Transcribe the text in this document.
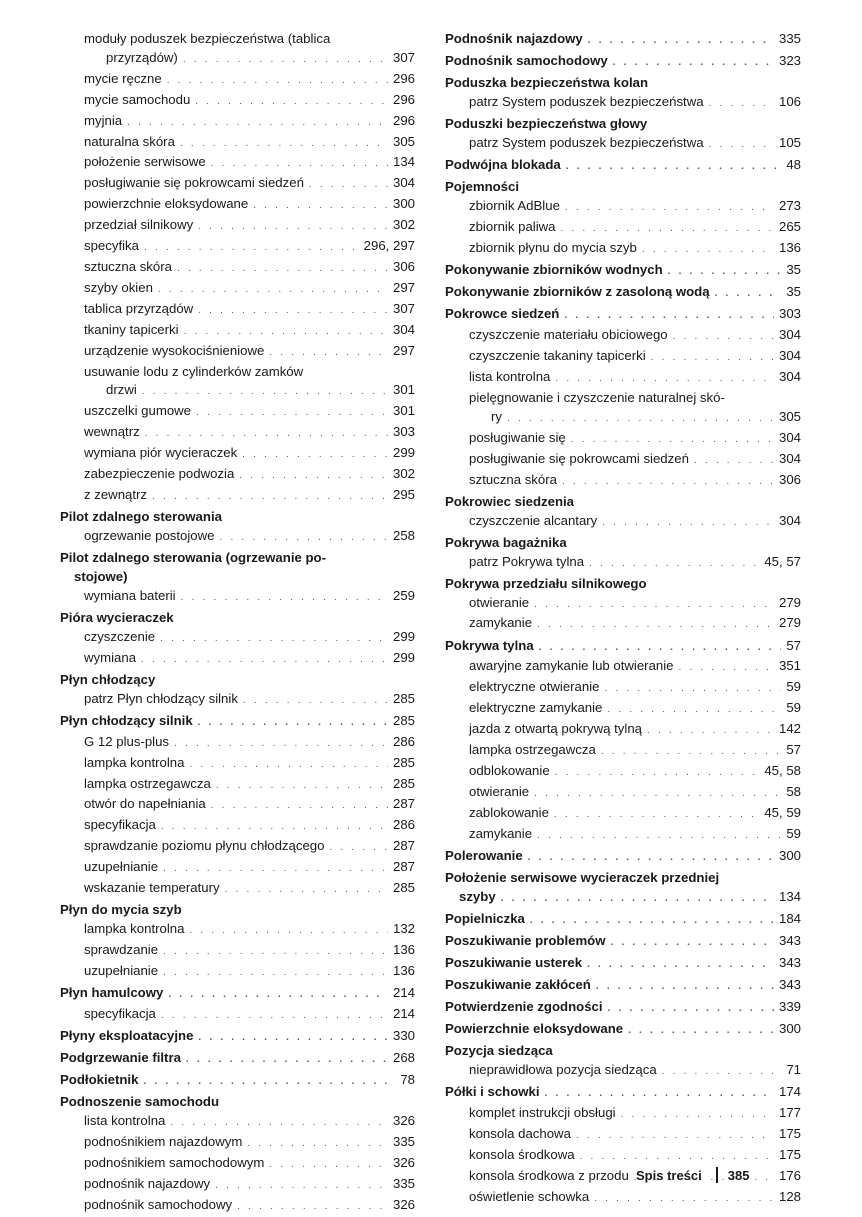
moduły poduszek bezpieczeństwa (tablica
przyrządów) . . .	307
mycie ręczne . . .	296
mycie samochodu . . .	296
myjnia . . .	296
naturalna skóra . . .	305
położenie serwisowe . . .	134
posługiwanie się pokrowcami siedzeń . . .	304
powierzchnie eloksydowane . . .	300
przedział silnikowy . . .	302
specyfika . . .	296, 297
sztuczna skóra . . .	306
szyby okien . . .	297
tablica przyrządów . . .	307
tkaniny tapicerki . . .	304
urządzenie wysokociśnieniowe . . .	297
usuwanie lodu z cylinderków zamków
drzwi . . .	301
uszczelki gumowe . . .	301
wewnątrz . . .	303
wymiana piór wycieraczek . . .	299
zabezpieczenie podwozia . . .	302
z zewnątrz . . .	295
Pilot zdalnego sterowania
ogrzewanie postojowe . . .	258
Pilot zdalnego sterowania (ogrzewanie po-
stojowe)
wymiana baterii . . .	259
Pióra wycieraczek
czyszczenie . . .	299
wymiana . . .	299
Płyn chłodzący
patrz Płyn chłodzący silnik . . .	285
Płyn chłodzący silnik . . .	285
G 12 plus-plus . . .	286
lampka kontrolna . . .	285
lampka ostrzegawcza . . .	285
otwór do napełniania . . .	287
specyfikacja . . .	286
sprawdzanie poziomu płynu chłodzącego . . .	287
uzupełnianie . . .	287
wskazanie temperatury . . .	285
Płyn do mycia szyb
lampka kontrolna . . .	132
sprawdzanie . . .	136
uzupełnianie . . .	136
Płyn hamulcowy . . .	214
specyfikacja . . .	214
Płyny eksploatacyjne . . .	330
Podgrzewanie filtra . . .	268
Podłokietnik . . .	78
Podnoszenie samochodu
lista kontrolna . . .	326
podnośnikiem najazdowym . . .	335
podnośnikiem samochodowym . . .	326
podnośnik najazdowy . . .	335
podnośnik samochodowy . . .	326
Podnośnik najazdowy . . .	335
Podnośnik samochodowy . . .	323
Poduszka bezpieczeństwa kolan
patrz System poduszek bezpieczeństwa . . .	106
Poduszki bezpieczeństwa głowy
patrz System poduszek bezpieczeństwa . . .	105
Podwójna blokada . . .	48
Pojemności
zbiornik AdBlue . . .	273
zbiornik paliwa . . .	265
zbiornik płynu do mycia szyb . . .	136
Pokonywanie zbiorników wodnych . . .	35
Pokonywanie zbiorników z zasoloną wodą . . .	35
Pokrowce siedzeń . . .	303
czyszczenie materiału obiciowego . . .	304
czyszczenie takaniny tapicerki . . .	304
lista kontrolna . . .	304
pielęgnowanie i czyszczenie naturalnej skó-
ry . . .	305
posługiwanie się . . .	304
posługiwanie się pokrowcami siedzeń . . .	304
sztuczna skóra . . .	306
Pokrowiec siedzenia
czyszczenie alcantary . . .	304
Pokrywa bagażnika
patrz Pokrywa tylna . . .	45, 57
Pokrywa przedziału silnikowego
otwieranie . . .	279
zamykanie . . .	279
Pokrywa tylna . . .	57
awaryjne zamykanie lub otwieranie . . .	351
elektryczne otwieranie . . .	59
elektryczne zamykanie . . .	59
jazda z otwartą pokrywą tylną . . .	142
lampka ostrzegawcza . . .	57
odblokowanie . . .	45, 58
otwieranie . . .	58
zablokowanie . . .	45, 59
zamykanie . . .	59
Polerowanie . . .	300
Położenie serwisowe wycieraczek przedniej
szyby . . .	134
Popielniczka . . .	184
Poszukiwanie problemów . . .	343
Poszukiwanie usterek . . .	343
Poszukiwanie zakłóceń . . .	343
Potwierdzenie zgodności . . .	339
Powierzchnie eloksydowane . . .	300
Pozycja siedząca
nieprawidłowa pozycja siedząca . . .	71
Półki i schowki . . .	174
komplet instrukcji obsługi . . .	177
konsola dachowa . . .	175
konsola środkowa . . .	175
konsola środkowa z przodu . . .	176
oświetlenie schowka . . .	128
Spis treści 385
